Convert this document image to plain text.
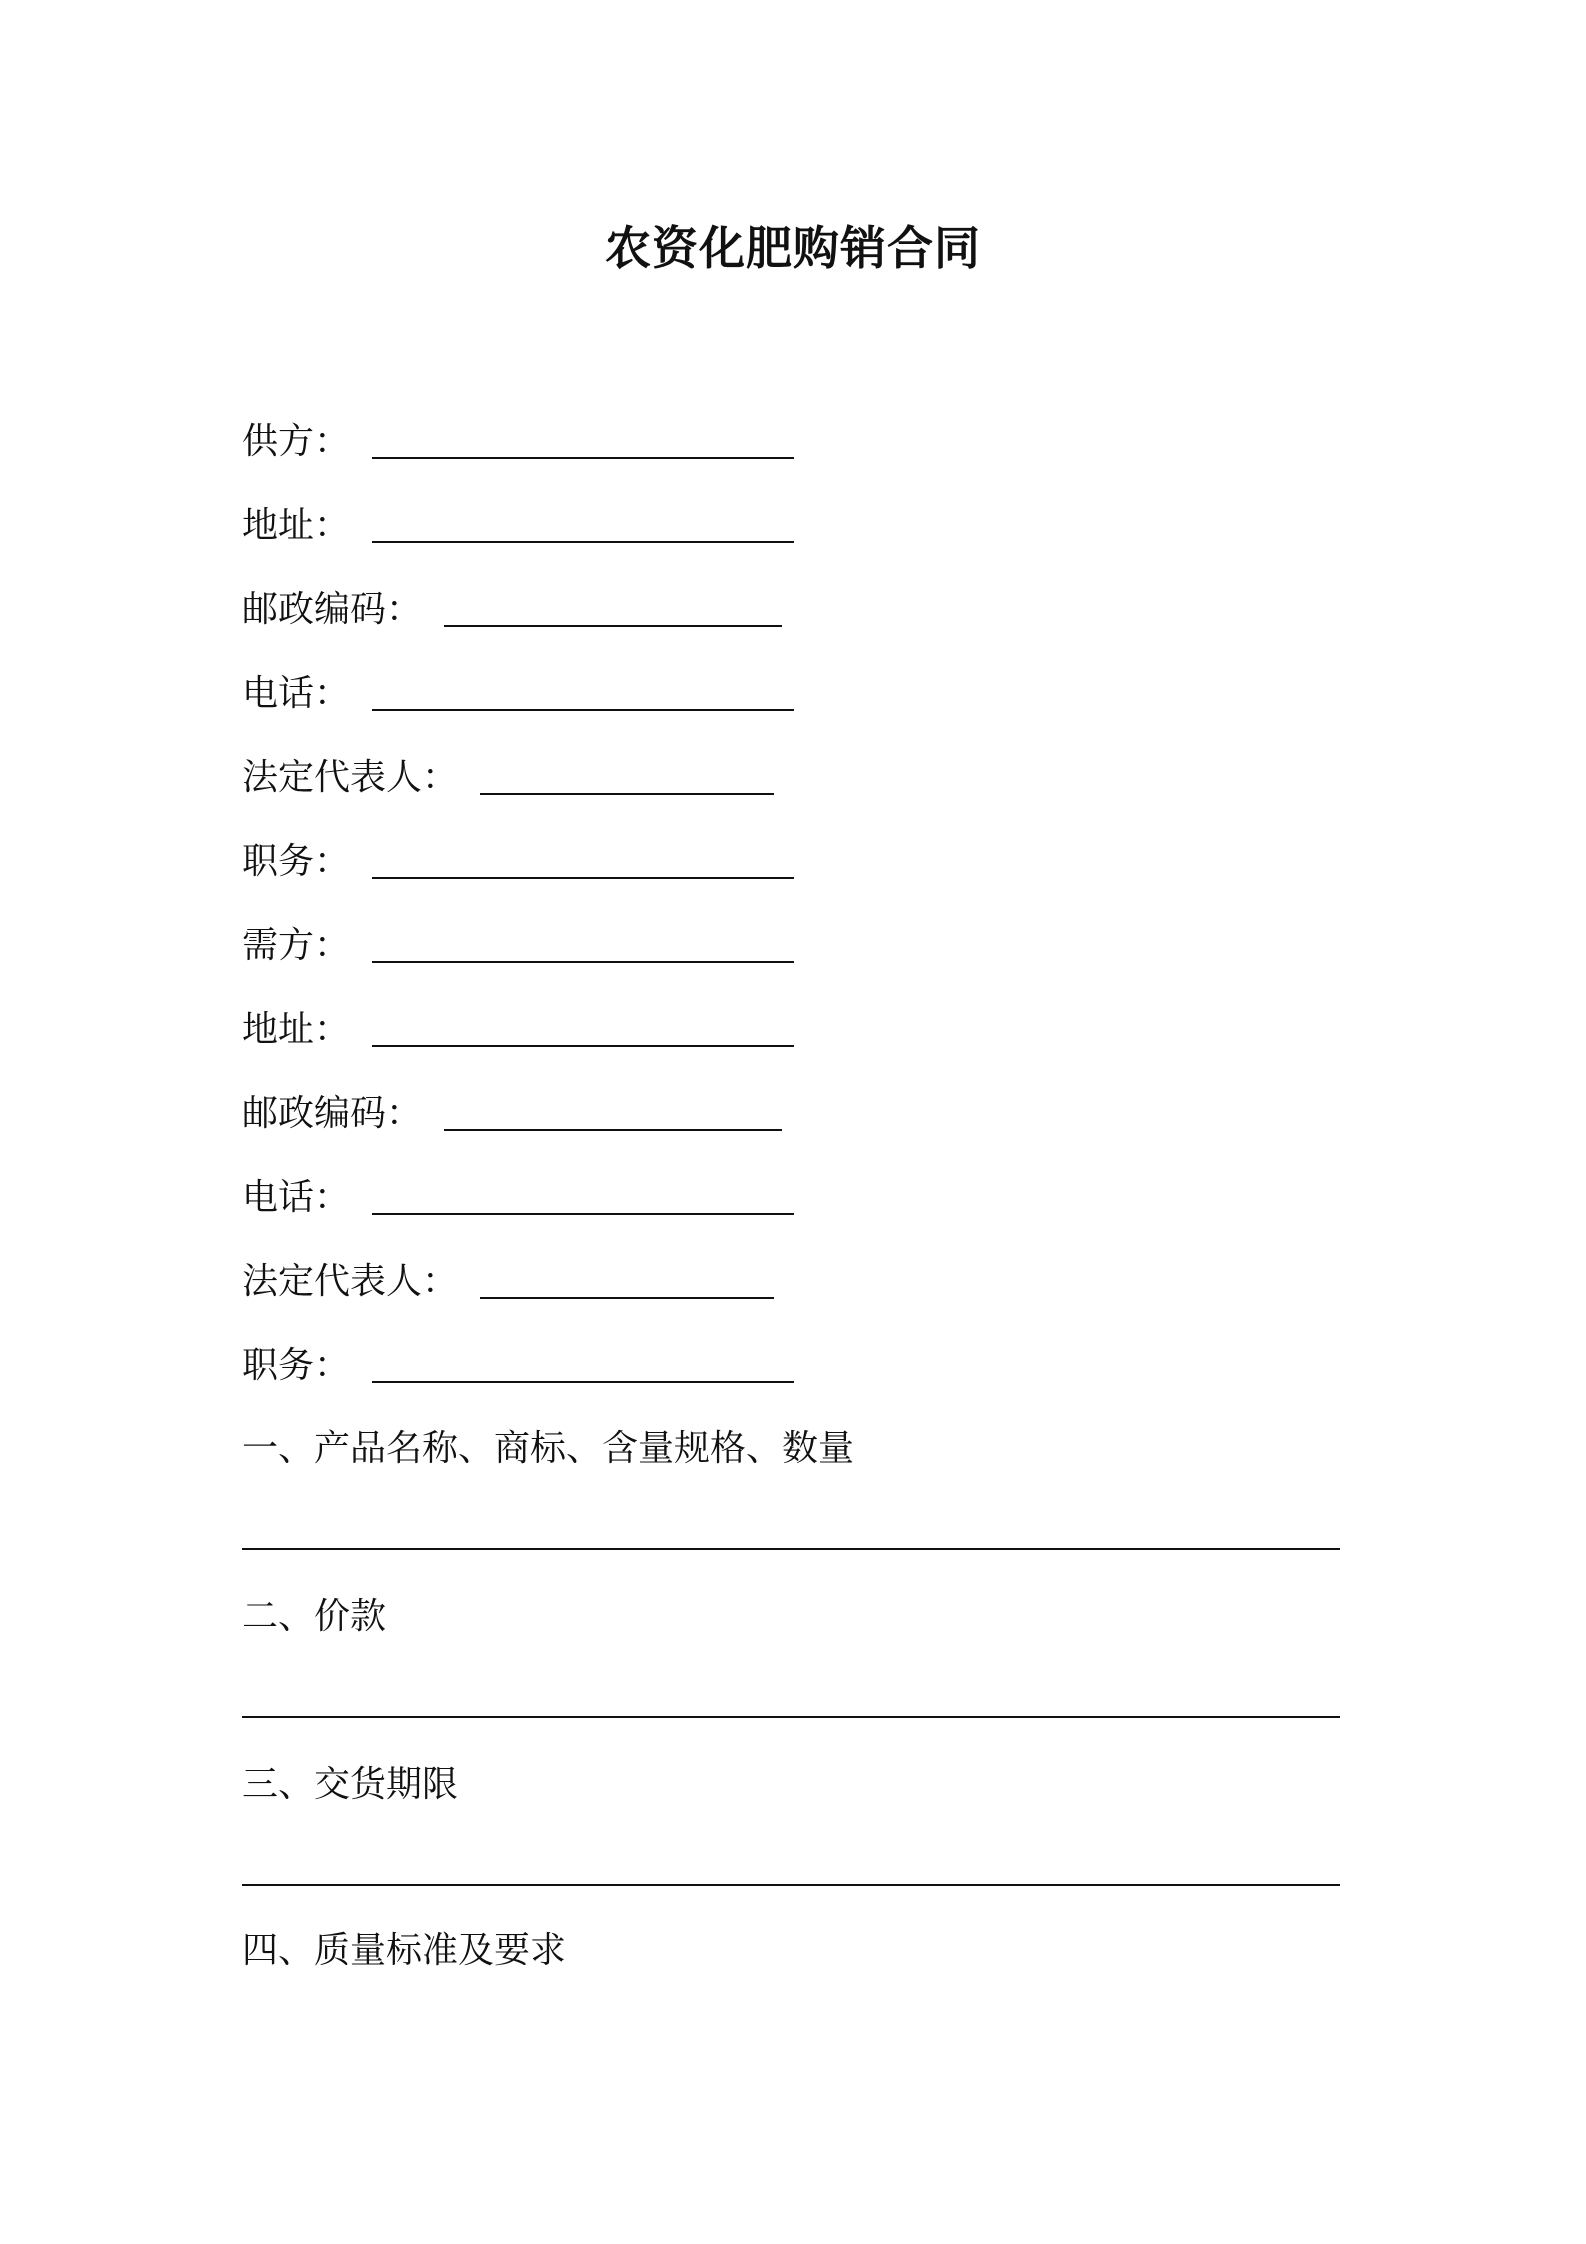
农资化肥购销合同
供方：
地址：
邮政编码：
电话：
法定代表人：
职务：
需方：
地址：
邮政编码：
电话：
法定代表人：
职务：
一、产品名称、商标、含量规格、数量
二、价款
三、交货期限
四、质量标准及要求
